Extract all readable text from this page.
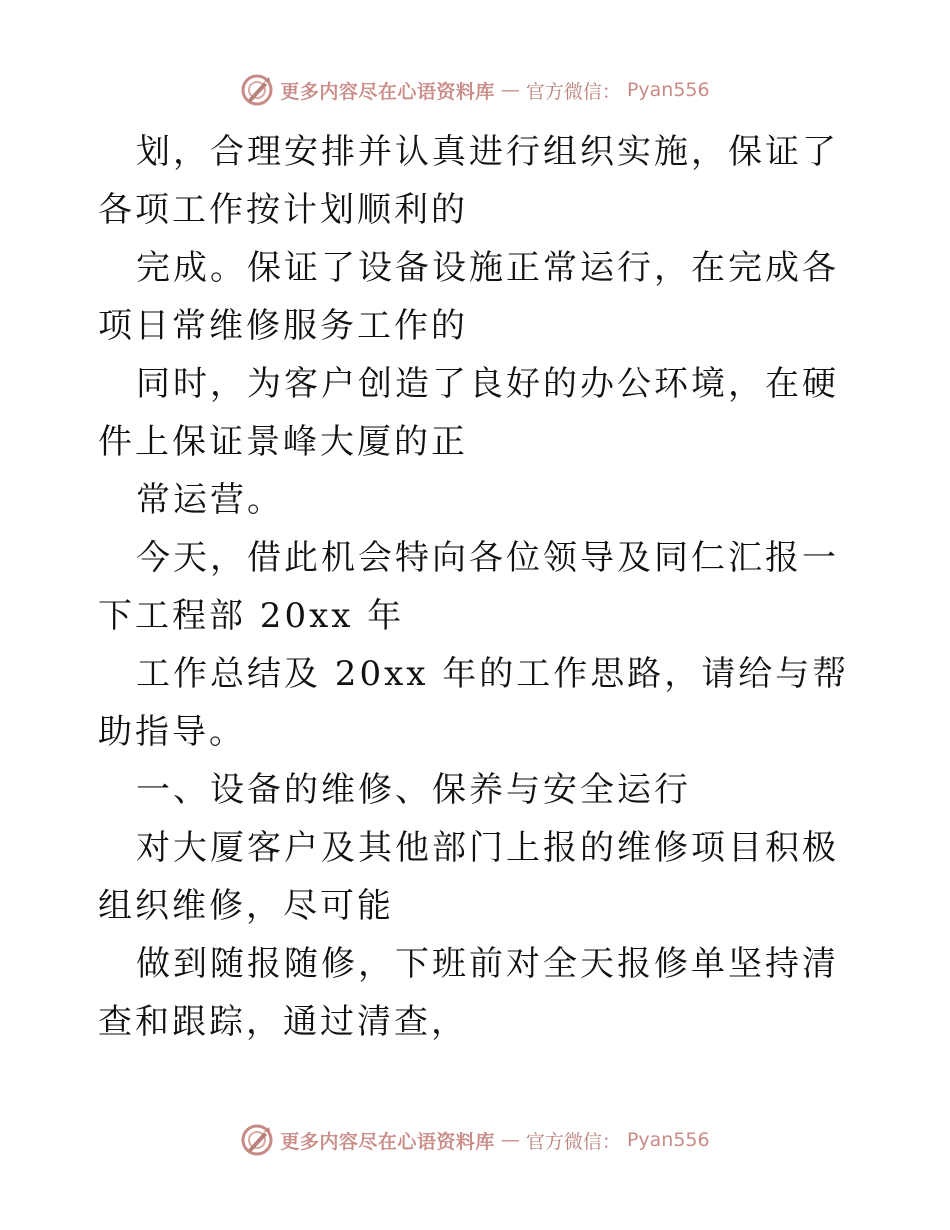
更多内容尽在心语资料库 — 官方微信： Pyan556

划，合理安排并认真进行组织实施，保证了各项工作按计划顺利的

完成。保证了设备设施正常运行，在完成各项日常维修服务工作的

同时，为客户创造了良好的办公环境，在硬件上保证景峰大厦的正

常运营。

今天，借此机会特向各位领导及同仁汇报一下工程部 20xx 年

工作总结及 20xx 年的工作思路，请给与帮助指导。

一、设备的维修、保养与安全运行

对大厦客户及其他部门上报的维修项目积极组织维修，尽可能

做到随报随修，下班前对全天报修单坚持清查和跟踪，通过清查，

更多内容尽在心语资料库 — 官方微信： Pyan556
